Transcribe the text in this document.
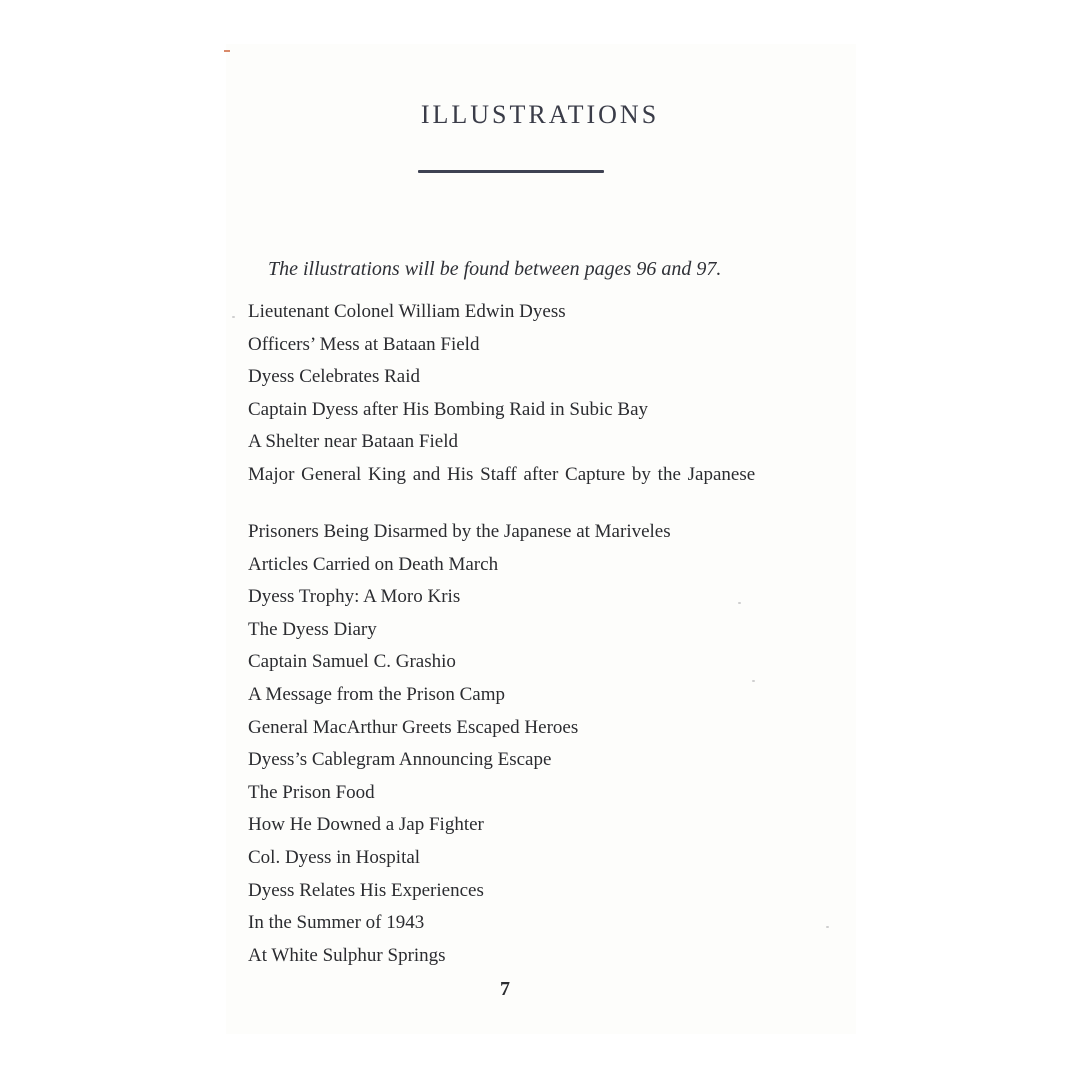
ILLUSTRATIONS
The illustrations will be found between pages 96 and 97.
Lieutenant Colonel William Edwin Dyess
Officers’ Mess at Bataan Field
Dyess Celebrates Raid
Captain Dyess after His Bombing Raid in Subic Bay
A Shelter near Bataan Field
Major General King and His Staff after Capture by the Japanese
Prisoners Being Disarmed by the Japanese at Mariveles
Articles Carried on Death March
Dyess Trophy: A Moro Kris
The Dyess Diary
Captain Samuel C. Grashio
A Message from the Prison Camp
General MacArthur Greets Escaped Heroes
Dyess’s Cablegram Announcing Escape
The Prison Food
How He Downed a Jap Fighter
Col. Dyess in Hospital
Dyess Relates His Experiences
In the Summer of 1943
At White Sulphur Springs
7
